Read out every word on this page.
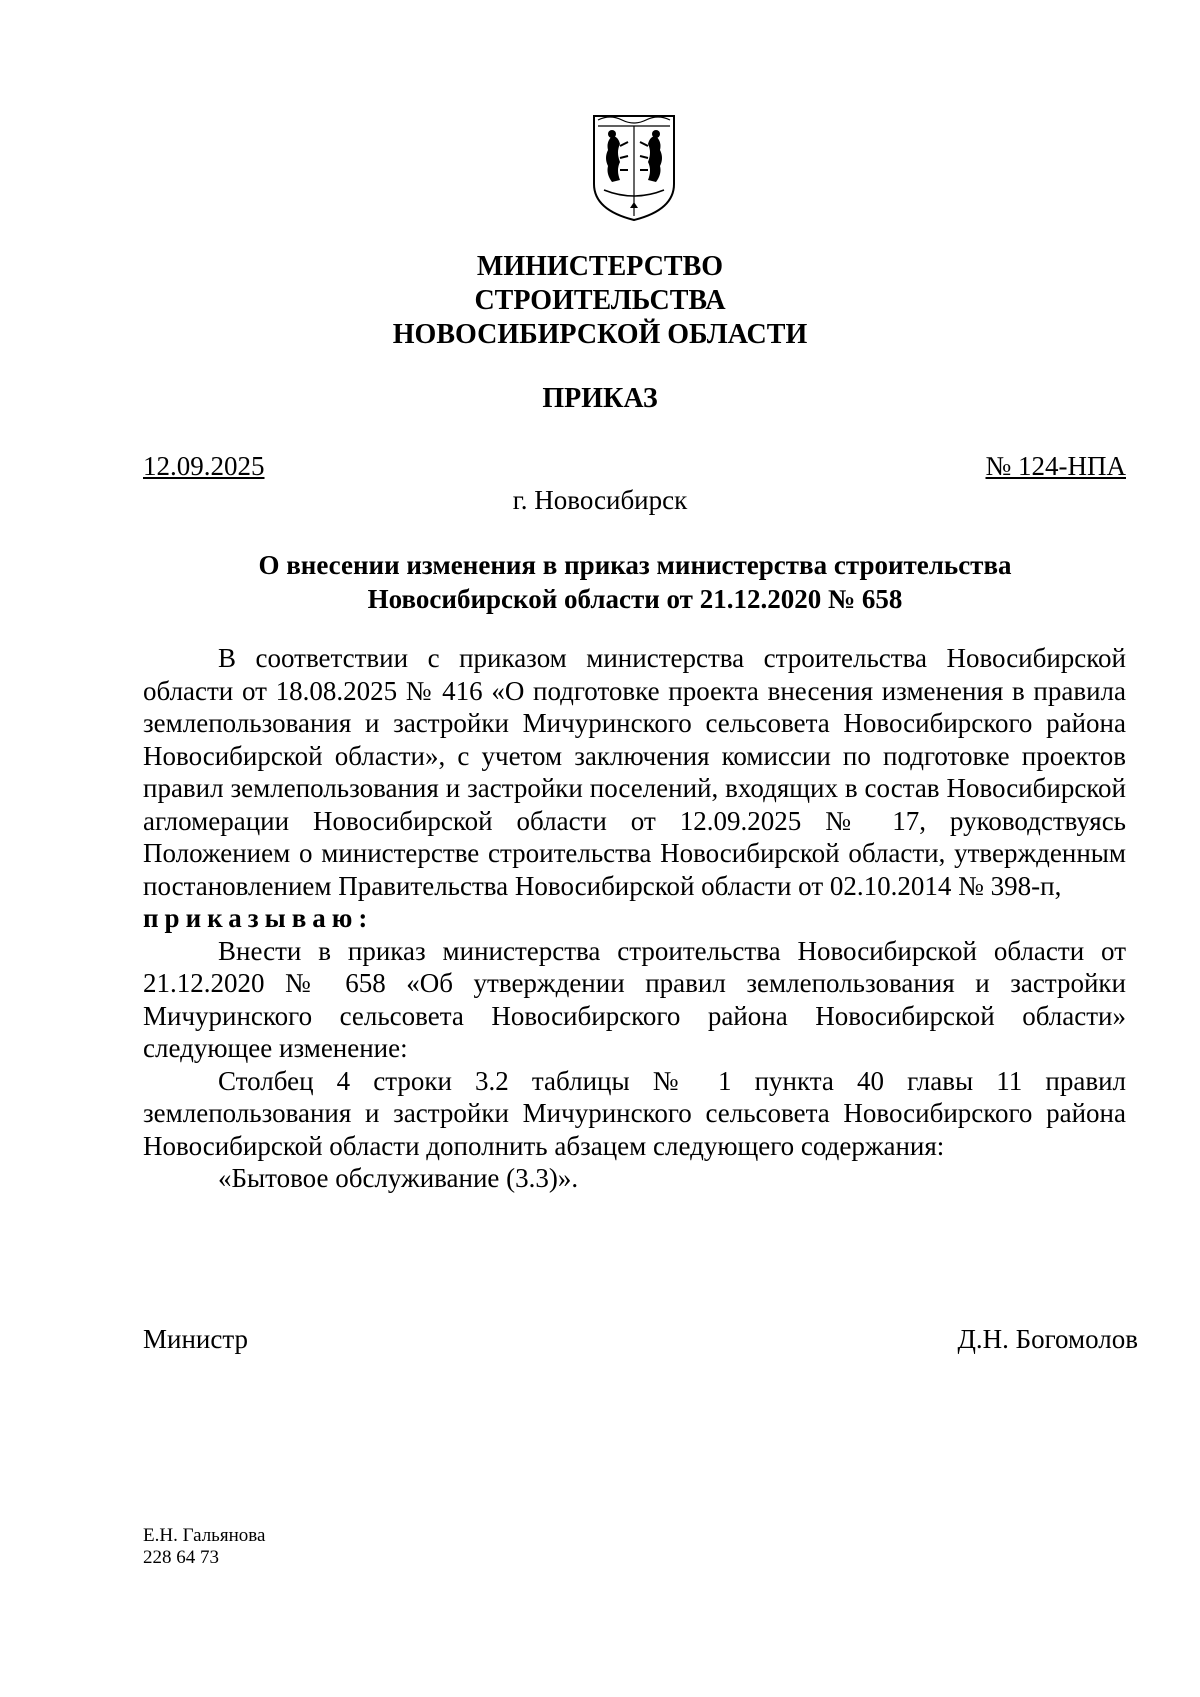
МИНИСТЕРСТВО
СТРОИТЕЛЬСТВА
НОВОСИБИРСКОЙ ОБЛАСТИ
ПРИКАЗ
12.09.2025	№ 124-НПА
г. Новосибирск
О внесении изменения в приказ министерства строительства
Новосибирской области от 21.12.2020 № 658

В соответствии с приказом министерства строительства Новосибирской области от 18.08.2025 № 416 «О подготовке проекта внесения изменения в правила землепользования и застройки Мичуринского сельсовета Новосибирского района Новосибирской области», с учетом заключения комиссии по подготовке проектов правил землепользования и застройки поселений, входящих в состав Новосибирской агломерации Новосибирской области от 12.09.2025 № 17, руководствуясь Положением о министерстве строительства Новосибирской области, утвержденным постановлением Правительства Новосибирской области от 02.10.2014 № 398-п,

приказываю:

Внести в приказ министерства строительства Новосибирской области от 21.12.2020 № 658 «Об утверждении правил землепользования и застройки Мичуринского сельсовета Новосибирского района Новосибирской области» следующее изменение:

Столбец 4 строки 3.2 таблицы № 1 пункта 40 главы 11 правил землепользования и застройки Мичуринского сельсовета Новосибирского района Новосибирской области дополнить абзацем следующего содержания:

«Бытовое обслуживание (3.3)».

Министр	Д.Н. Богомолов
Е.Н. Гальянова
228 64 73
